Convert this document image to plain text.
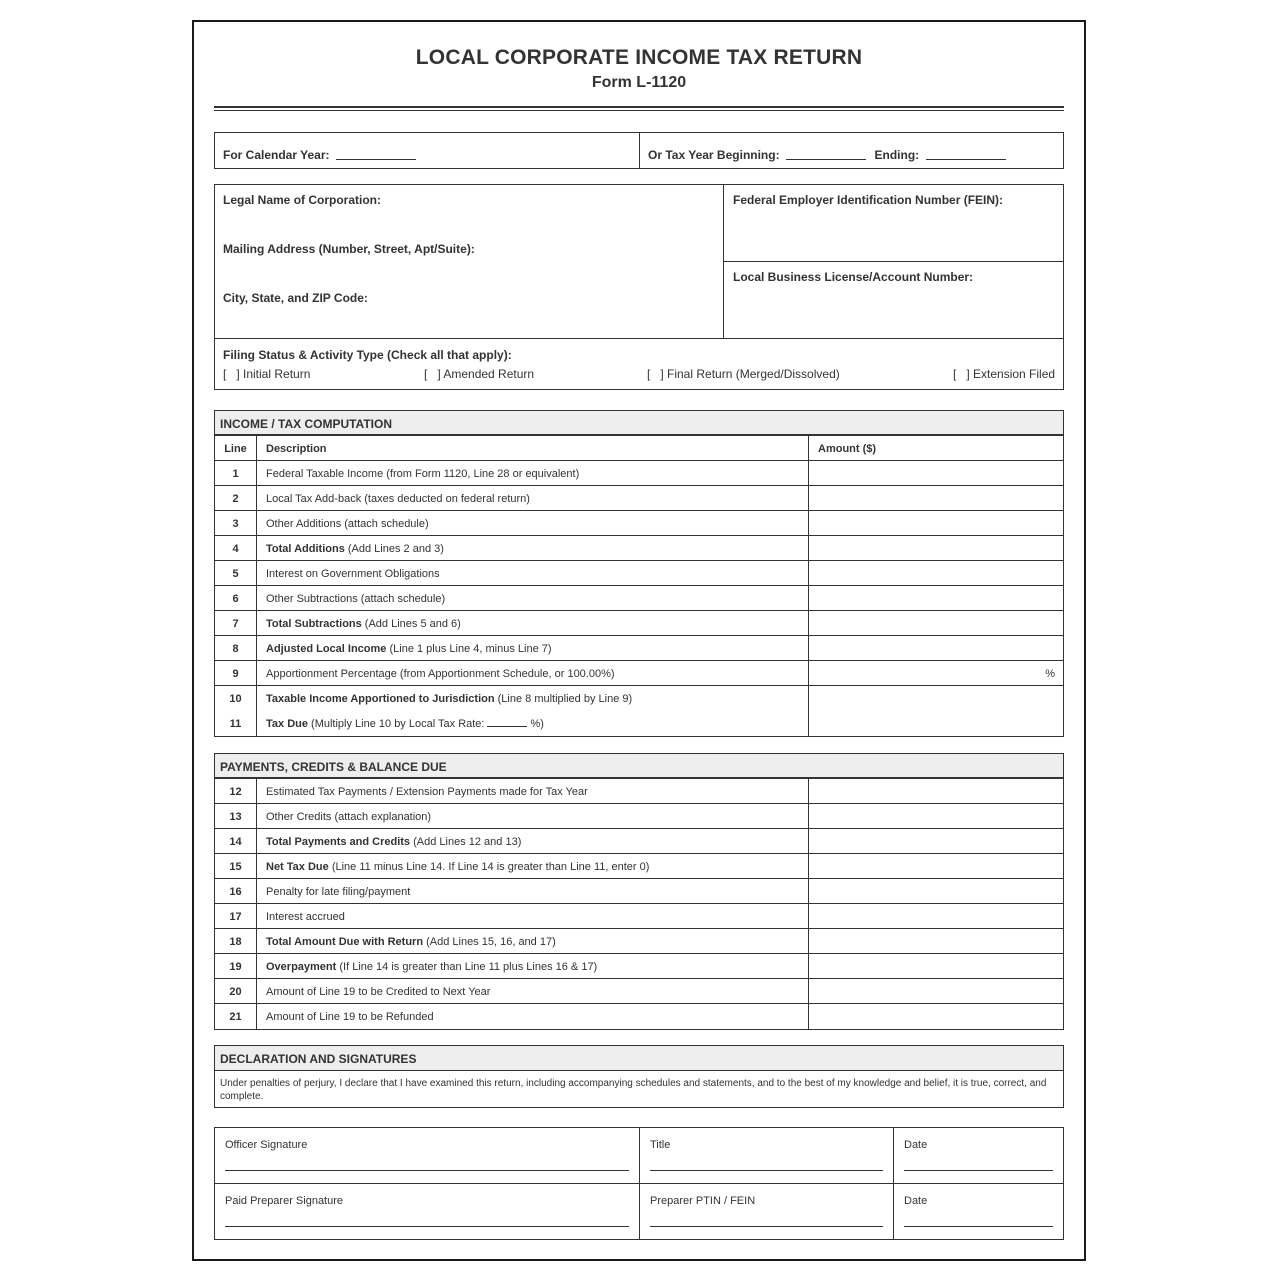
LOCAL CORPORATE INCOME TAX RETURN
Form L-1120
For Calendar Year:	Or Tax Year Beginning:	Ending:
Legal Name of Corporation:
Mailing Address (Number, Street, Apt/Suite):
City, State, and ZIP Code:
Federal Employer Identification Number (FEIN):
Local Business License/Account Number:
Filing Status & Activity Type (Check all that apply):
[   ] Initial Return	[   ] Amended Return	[   ] Final Return (Merged/Dissolved)	[   ] Extension Filed
INCOME / TAX COMPUTATION
Line	Description	Amount ($)
1	Federal Taxable Income (from Form 1120, Line 28 or equivalent)
2	Local Tax Add-back (taxes deducted on federal return)
3	Other Additions (attach schedule)
4	Total Additions (Add Lines 2 and 3)
5	Interest on Government Obligations
6	Other Subtractions (attach schedule)
7	Total Subtractions (Add Lines 5 and 6)
8	Adjusted Local Income (Line 1 plus Line 4, minus Line 7)
9	Apportionment Percentage (from Apportionment Schedule, or 100.00%)	%
10	Taxable Income Apportioned to Jurisdiction (Line 8 multiplied by Line 9)
11	Tax Due (Multiply Line 10 by Local Tax Rate:	%)
PAYMENTS, CREDITS & BALANCE DUE
12	Estimated Tax Payments / Extension Payments made for Tax Year
13	Other Credits (attach explanation)
14	Total Payments and Credits (Add Lines 12 and 13)
15	Net Tax Due (Line 11 minus Line 14. If Line 14 is greater than Line 11, enter 0)
16	Penalty for late filing/payment
17	Interest accrued
18	Total Amount Due with Return (Add Lines 15, 16, and 17)
19	Overpayment (If Line 14 is greater than Line 11 plus Lines 16 & 17)
20	Amount of Line 19 to be Credited to Next Year
21	Amount of Line 19 to be Refunded
DECLARATION AND SIGNATURES
Under penalties of perjury, I declare that I have examined this return, including accompanying schedules and statements, and to the best of my knowledge and belief, it is true, correct, and complete.
Officer Signature	Title	Date
Paid Preparer Signature	Preparer PTIN / FEIN	Date
